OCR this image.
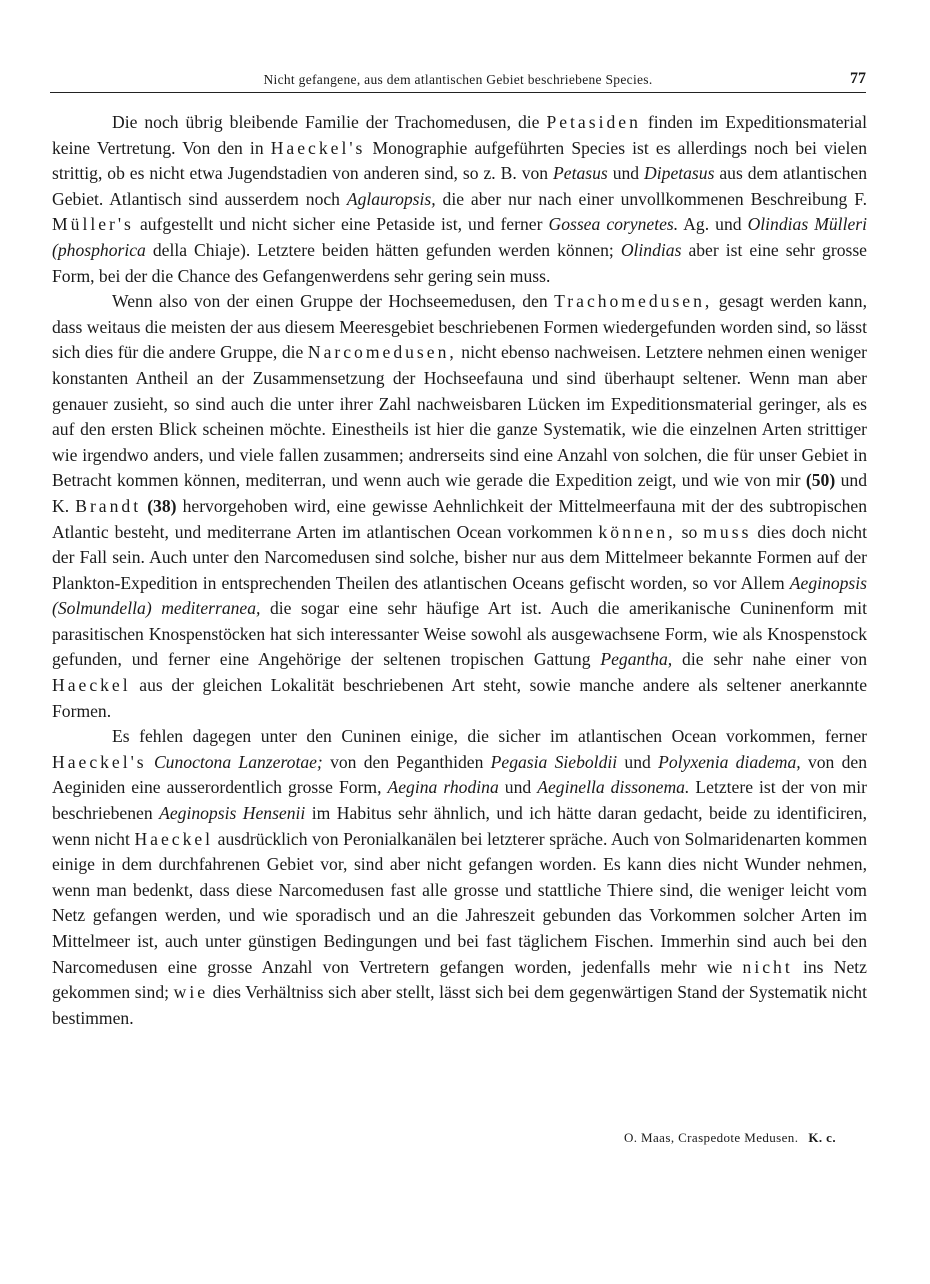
Nicht gefangene, aus dem atlantischen Gebiet beschriebene Species.	77

Die noch übrig bleibende Familie der Trachomedusen, die Petasiden finden im Expeditionsmaterial keine Vertretung. Von den in Haeckel's Monographie aufgeführten Species ist es allerdings noch bei vielen strittig, ob es nicht etwa Jugendstadien von anderen sind, so z. B. von Petasus und Dipetasus aus dem atlantischen Gebiet. Atlantisch sind ausserdem noch Aglauropsis, die aber nur nach einer unvollkommenen Beschreibung F. Müller's aufgestellt und nicht sicher eine Petaside ist, und ferner Gossea corynetes. Ag. und Olindias Mülleri (phosphorica della Chiaje). Letztere beiden hätten gefunden werden können; Olindias aber ist eine sehr grosse Form, bei der die Chance des Gefangenwerdens sehr gering sein muss.

Wenn also von der einen Gruppe der Hochseemedusen, den Trachomedusen, gesagt werden kann, dass weitaus die meisten der aus diesem Meeresgebiet beschriebenen Formen wiedergefunden worden sind, so lässt sich dies für die andere Gruppe, die Narcomedusen, nicht ebenso nachweisen. Letztere nehmen einen weniger konstanten Antheil an der Zusammensetzung der Hochseefauna und sind überhaupt seltener. Wenn man aber genauer zusieht, so sind auch die unter ihrer Zahl nachweisbaren Lücken im Expeditionsmaterial geringer, als es auf den ersten Blick scheinen möchte. Einestheils ist hier die ganze Systematik, wie die einzelnen Arten strittiger wie irgendwo anders, und viele fallen zusammen; andrerseits sind eine Anzahl von solchen, die für unser Gebiet in Betracht kommen können, mediterran, und wenn auch wie gerade die Expedition zeigt, und wie von mir (50) und K. Brandt (38) hervorgehoben wird, eine gewisse Aehnlichkeit der Mittelmeerfauna mit der des subtropischen Atlantic besteht, und mediterrane Arten im atlantischen Ocean vorkommen können, so muss dies doch nicht der Fall sein. Auch unter den Narcomedusen sind solche, bisher nur aus dem Mittelmeer bekannte Formen auf der Plankton-Expedition in entsprechenden Theilen des atlantischen Oceans gefischt worden, so vor Allem Aeginopsis (Solmundella) mediterranea, die sogar eine sehr häufige Art ist. Auch die amerikanische Cuninenform mit parasitischen Knospenstöcken hat sich interessanter Weise sowohl als ausgewachsene Form, wie als Knospenstock gefunden, und ferner eine Angehörige der seltenen tropischen Gattung Pegantha, die sehr nahe einer von Haeckel aus der gleichen Lokalität beschriebenen Art steht, sowie manche andere als seltener anerkannte Formen.

Es fehlen dagegen unter den Cuninen einige, die sicher im atlantischen Ocean vorkommen, ferner Haeckel's Cunoctona Lanzerotae; von den Peganthiden Pegasia Sieboldii und Polyxenia diadema, von den Aeginiden eine ausserordentlich grosse Form, Aegina rhodina und Aeginella dissonema. Letztere ist der von mir beschriebenen Aeginopsis Hensenii im Habitus sehr ähnlich, und ich hätte daran gedacht, beide zu identificiren, wenn nicht Haeckel ausdrücklich von Peronialkanälen bei letzterer spräche. Auch von Solmaridenarten kommen einige in dem durchfahrenen Gebiet vor, sind aber nicht gefangen worden. Es kann dies nicht Wunder nehmen, wenn man bedenkt, dass diese Narcomedusen fast alle grosse und stattliche Thiere sind, die weniger leicht vom Netz gefangen werden, und wie sporadisch und an die Jahreszeit gebunden das Vorkommen solcher Arten im Mittelmeer ist, auch unter günstigen Bedingungen und bei fast täglichem Fischen. Immerhin sind auch bei den Narcomedusen eine grosse Anzahl von Vertretern gefangen worden, jedenfalls mehr wie nicht ins Netz gekommen sind; wie dies Verhältniss sich aber stellt, lässt sich bei dem gegenwärtigen Stand der Systematik nicht bestimmen.

O. Maas, Craspedote Medusen. K. c.
